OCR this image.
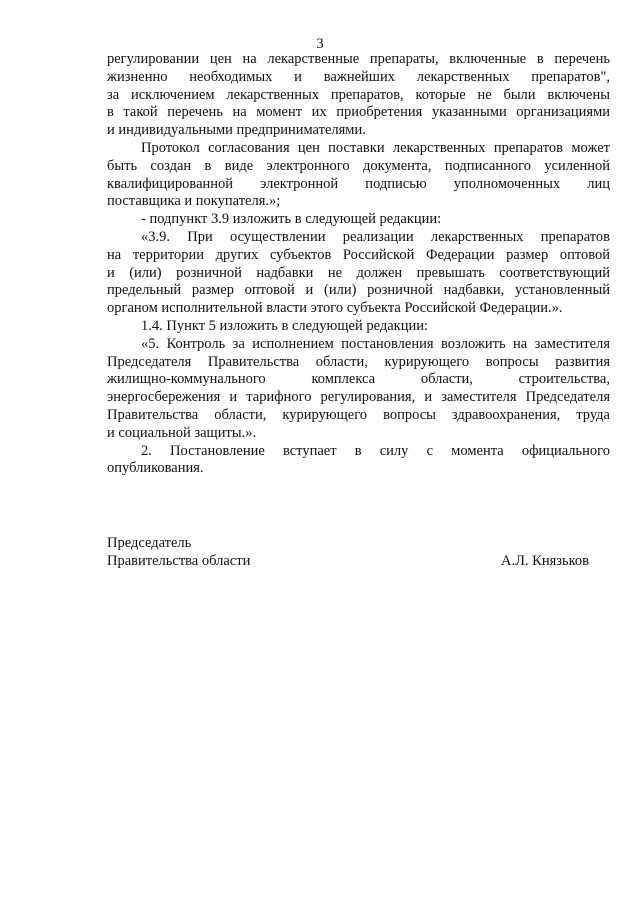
3
регулировании цен на лекарственные препараты, включенные в перечень
жизненно необходимых и важнейших лекарственных препаратов",
за исключением лекарственных препаратов, которые не были включены
в такой перечень на момент их приобретения указанными организациями
и индивидуальными предпринимателями.
Протокол согласования цен поставки лекарственных препаратов может
быть создан в виде электронного документа, подписанного усиленной
квалифицированной электронной подписью уполномоченных лиц
поставщика и покупателя.»;
- подпункт 3.9 изложить в следующей редакции:
«3.9. При осуществлении реализации лекарственных препаратов
на территории других субъектов Российской Федерации размер оптовой
и (или) розничной надбавки не должен превышать соответствующий
предельный размер оптовой и (или) розничной надбавки, установленный
органом исполнительной власти этого субъекта Российской Федерации.».
1.4. Пункт 5 изложить в следующей редакции:
«5. Контроль за исполнением постановления возложить на заместителя
Председателя Правительства области, курирующего вопросы развития
жилищно-коммунального комплекса области, строительства,
энергосбережения и тарифного регулирования, и заместителя Председателя
Правительства области, курирующего вопросы здравоохранения, труда
и социальной защиты.».
2. Постановление вступает в силу с момента официального
опубликования.
Председатель
Правительства области	А.Л. Князьков
